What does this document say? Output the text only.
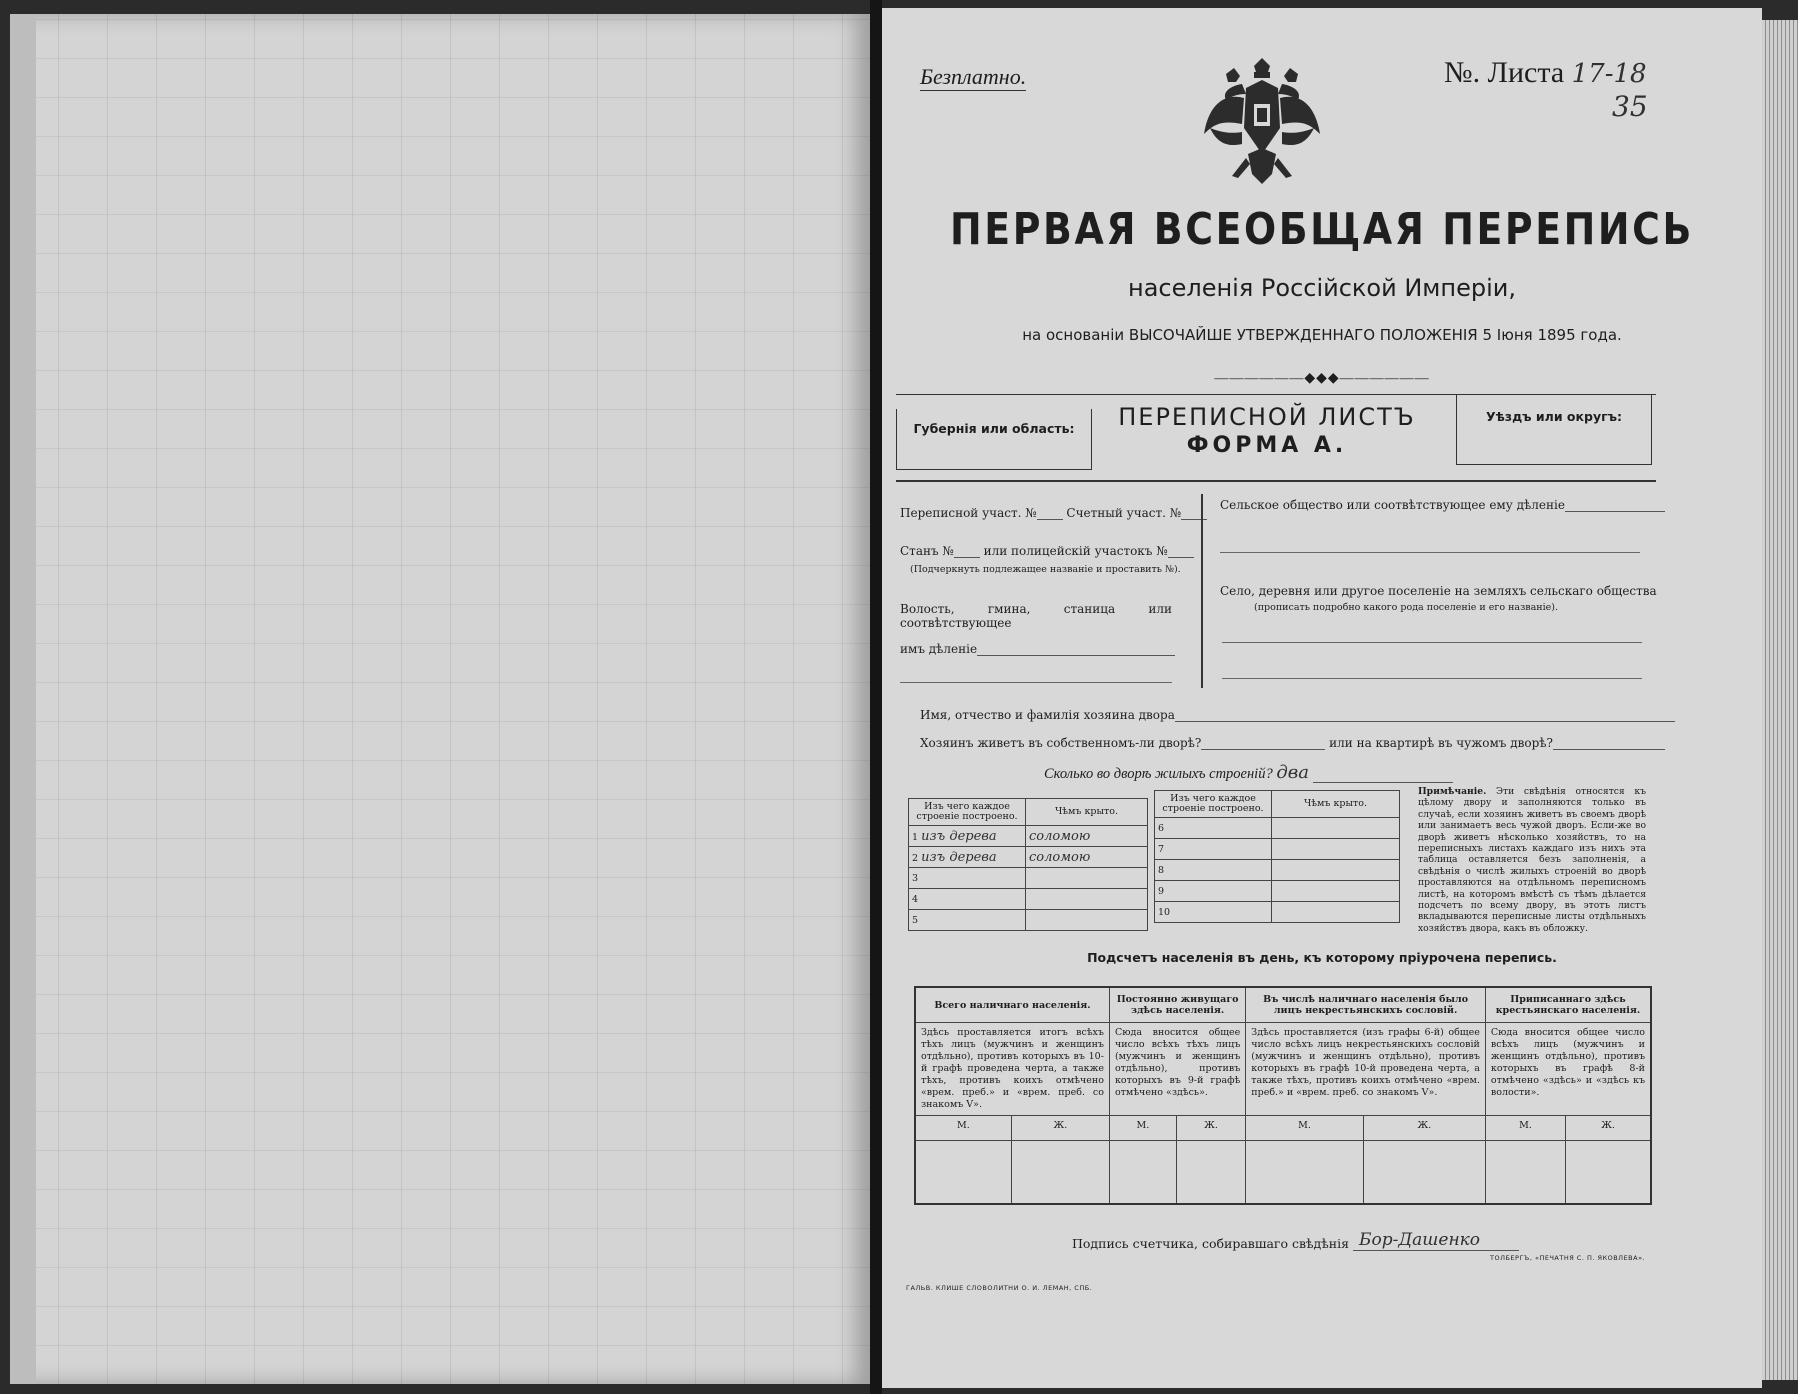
Безплатно.	№. Листа 17-18
35
ПЕРВАЯ ВСЕОБЩАЯ ПЕРЕПИСЬ
населенія Россійской Имперіи,
на основаніи ВЫСОЧАЙШЕ УТВЕРЖДЕННАГО ПОЛОЖЕНІЯ 5 Іюня 1895 года.
——————◆◆◆——————
Губернія или область:	ПЕРЕПИСНОЙ ЛИСТЪ
ФОРМА А.
Уѣздъ или округъ:
Переписной участ. № Счетный участ. №
Станъ № или полицейскій участокъ №
(Подчеркнуть подлежащее названіе и проставить №).
Волость, гмина, станица или соотвѣтствующее
имъ дѣленіе
Сельское общество или соотвѣтствующее ему дѣленіе
Село, деревня или другое поселеніе на земляхъ сельскаго общества
(прописать подробно какого рода поселеніе и его названіе).
Имя, отчество и фамилія хозяина двора
Хозяинъ живетъ въ собственномъ-ли дворѣ?	или на квартирѣ въ чужомъ дворѣ?
Сколько во дворѣ жилыхъ строеній? два
Изъ чего каждое строеніе построено.	Чѣмъ крыто.
1 изъ дерева	соломою
2 изъ дерева	соломою
3	
4	
5	
Изъ чего каждое строеніе построено.	Чѣмъ крыто.
6	
7	
8	
9	
10	
Примѣчаніе. Эти свѣдѣнія относятся къ цѣлому двору и заполняются только въ случаѣ, если хозяинъ живетъ въ своемъ дворѣ или занимаетъ весь чужой дворъ. Если-же во дворѣ живетъ нѣсколько хозяйствъ, то на переписныхъ листахъ каждаго изъ нихъ эта таблица оставляется безъ заполненія, а свѣдѣнія о числѣ жилыхъ строеній во дворѣ проставляются на отдѣльномъ переписномъ листѣ, на которомъ вмѣстѣ съ тѣмъ дѣлается подсчетъ по всему двору, въ этотъ листъ вкладываются переписные листы отдѣльныхъ хозяйствъ двора, какъ въ обложку.
Подсчетъ населенія въ день, къ которому пріурочена перепись.
Всего наличнаго населенія.		Постоянно живущаго здѣсь населенія.		Въ числѣ наличнаго населенія было лицъ некрестьянскихъ сословій.		Приписаннаго здѣсь крестьянскаго населенія.	
Здѣсь проставляется итогъ всѣхъ тѣхъ лицъ (мужчинъ и женщинъ отдѣльно), противъ которыхъ въ 10-й графѣ проведена черта, а также тѣхъ, противъ коихъ отмѣчено «врем. преб.» и «врем. преб. со знакомъ V».		Сюда вносится общее число всѣхъ тѣхъ лицъ (мужчинъ и женщинъ отдѣльно), противъ которыхъ въ 9-й графѣ отмѣчено «здѣсь».		Здѣсь проставляется (изъ графы 6-й) общее число всѣхъ лицъ некрестьянскихъ сословій (мужчинъ и женщинъ отдѣльно), противъ которыхъ въ графѣ 10-й проведена черта, а также тѣхъ, противъ коихъ отмѣчено «врем. преб.» и «врем. преб. со знакомъ V».		Сюда вносится общее число всѣхъ лицъ (мужчинъ и женщинъ отдѣльно), противъ которыхъ въ графѣ 8-й отмѣчено «здѣсь» и «здѣсь къ волости».	
М.	Ж.	М.	Ж.	М.	Ж.	М.	Ж.

Подпись счетчика, собиравшаго свѣдѣнія Бор-Дашенко
ГАЛЬВ. КЛИШЕ СЛОВОЛИТНИ О. И. ЛЕМАН, СПБ.
ТОЛБЕРГЪ, «ПЕЧАТНЯ С. П. ЯКОВЛЕВА».
